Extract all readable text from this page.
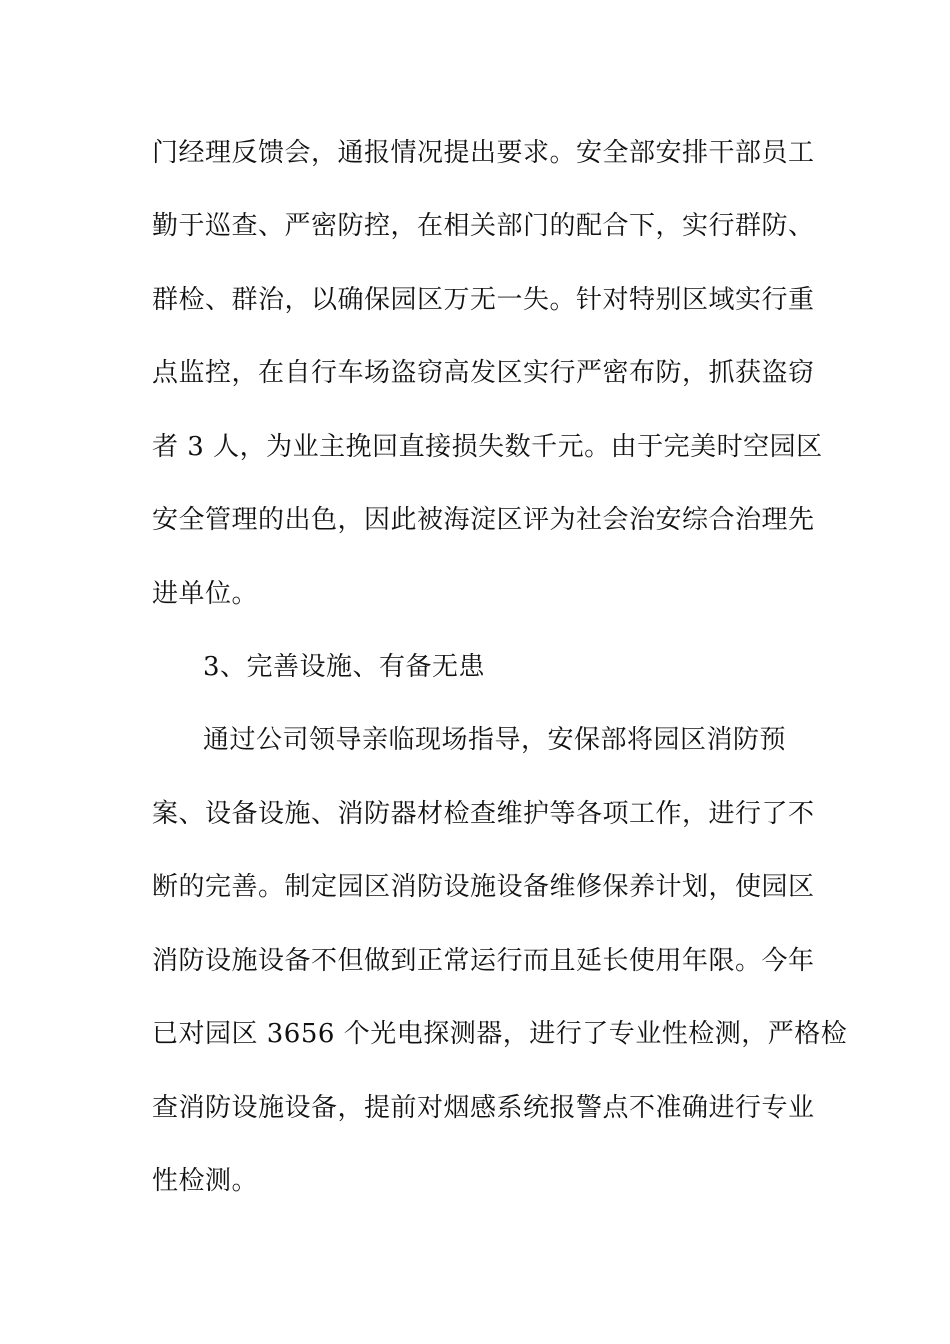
门经理反馈会，通报情况提出要求。安全部安排干部员工
勤于巡查、严密防控，在相关部门的配合下，实行群防、
群检、群治，以确保园区万无一失。针对特别区域实行重
点监控，在自行车场盗窃高发区实行严密布防，抓获盗窃
者 3 人，为业主挽回直接损失数千元。由于完美时空园区
安全管理的出色，因此被海淀区评为社会治安综合治理先
进单位。
3、完善设施、有备无患
通过公司领导亲临现场指导，安保部将园区消防预
案、设备设施、消防器材检查维护等各项工作，进行了不
断的完善。制定园区消防设施设备维修保养计划，使园区
消防设施设备不但做到正常运行而且延长使用年限。今年
已对园区 3656 个光电探测器，进行了专业性检测，严格检
查消防设施设备，提前对烟感系统报警点不准确进行专业
性检测。
